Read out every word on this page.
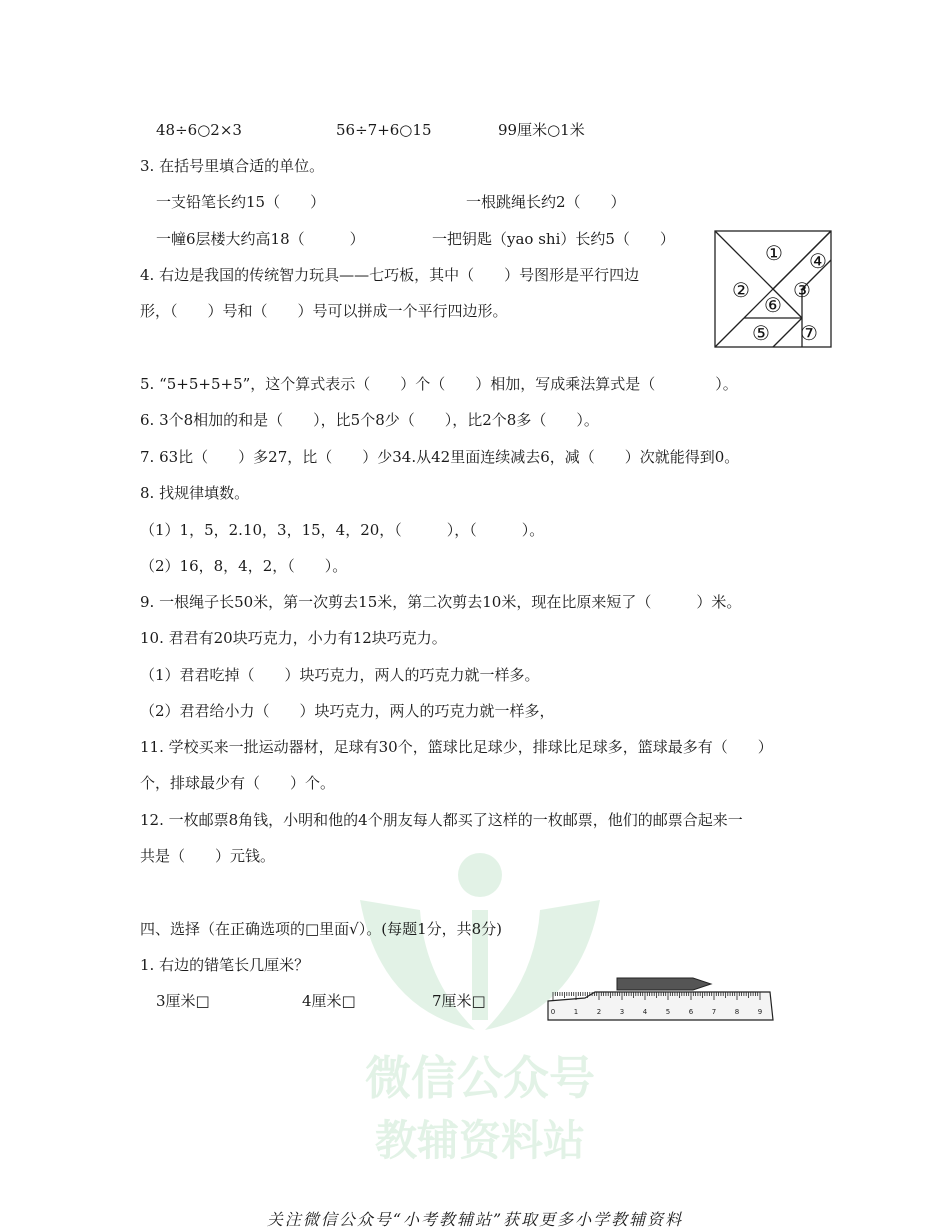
微信公众号
教辅资料站
48÷6○2×3	56÷7+6○15	99厘米○1米
3. 在括号里填合适的单位。
一支铅笔长约15（　　）	一根跳绳长约2（　　）
一幢6层楼大约高18（　　　）	一把钥匙（yao shi）长约5（　　）
4. 右边是我国的传统智力玩具——七巧板，其中（　　）号图形是平行四边
形，（　　）号和（　　）号可以拼成一个平行四边形。
①
② ③
④
⑤
⑥
⑦
5. “5+5+5+5”，这个算式表示（　　）个（　　）相加，写成乘法算式是（　　　　）。
6. 3个8相加的和是（　　），比5个8少（　　），比2个8多（　　）。
7. 63比（　　）多27，比（　　）少34.从42里面连续减去6，减（　　）次就能得到0。
8. 找规律填数。
（1）1，5，2.10，3，15，4，20，（　　　），（　　　）。
（2）16，8，4，2，（　　）。
9. 一根绳子长50米，第一次剪去15米，第二次剪去10米，现在比原来短了（　　　）米。
10. 君君有20块巧克力，小力有12块巧克力。
（1）君君吃掉（　　）块巧克力，两人的巧克力就一样多。
（2）君君给小力（　　）块巧克力，两人的巧克力就一样多，
11. 学校买来一批运动器材，足球有30个，篮球比足球少，排球比足球多，篮球最多有（　　）
个，排球最少有（　　）个。
12. 一枚邮票8角钱，小明和他的4个朋友每人都买了这样的一枚邮票，他们的邮票合起来一
共是（　　）元钱。
四、选择（在正确选项的□里面√）。(每题1分，共8分)
1. 右边的错笔长几厘米？
3厘米□	4厘米□	7厘米□
0	1	2	3	4	5	6	7	8	9
关注微信公众号“小考教辅站”获取更多小学教辅资料
